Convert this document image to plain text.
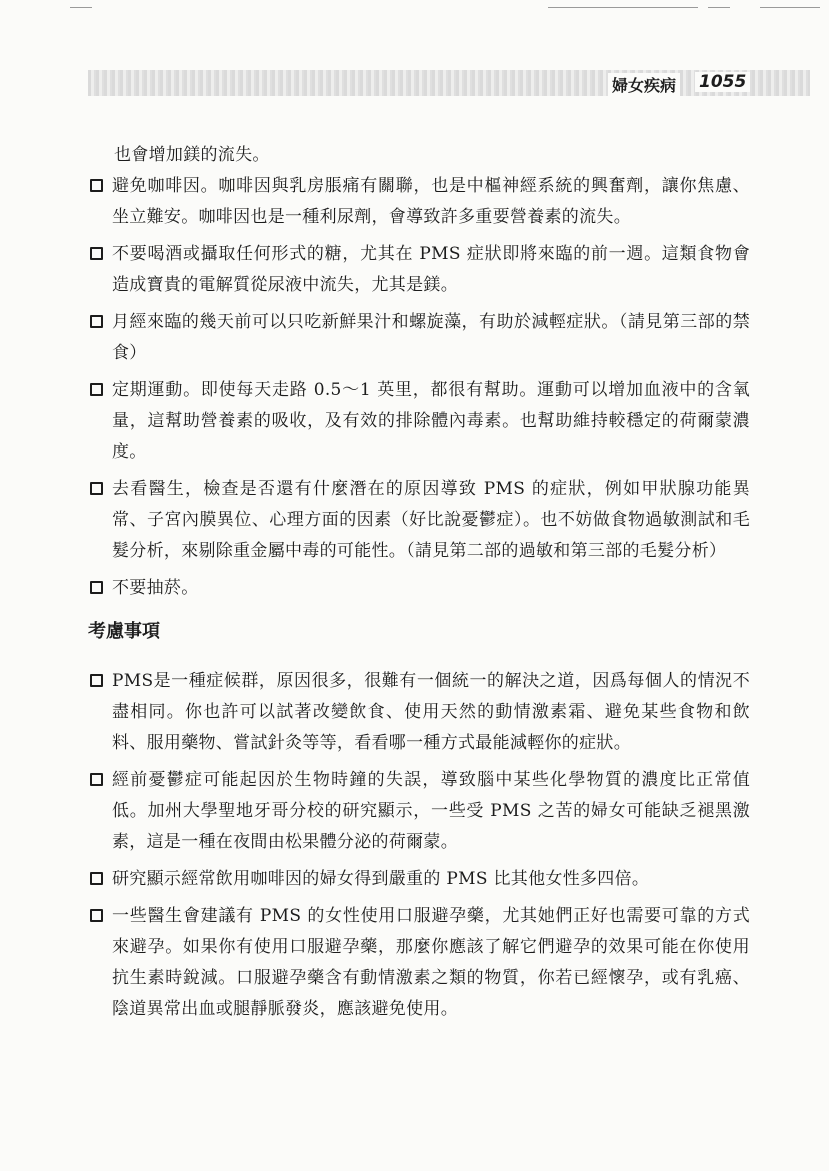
婦女疾病 1055
也會增加鎂的流失。
避免咖啡因。咖啡因與乳房脹痛有關聯，也是中樞神經系統的興奮劑，讓你焦慮、坐立難安。咖啡因也是一種利尿劑，會導致許多重要營養素的流失。
不要喝酒或攝取任何形式的糖，尤其在 PMS 症狀即將來臨的前一週。這類食物會造成寶貴的電解質從尿液中流失，尤其是鎂。
月經來臨的幾天前可以只吃新鮮果汁和螺旋藻，有助於減輕症狀。（請見第三部的禁食）
定期運動。即使每天走路 0.5～1 英里，都很有幫助。運動可以增加血液中的含氧量，這幫助營養素的吸收，及有效的排除體內毒素。也幫助維持較穩定的荷爾蒙濃度。
去看醫生，檢查是否還有什麼潛在的原因導致 PMS 的症狀，例如甲狀腺功能異常、子宮內膜異位、心理方面的因素（好比說憂鬱症）。也不妨做食物過敏測試和毛髮分析，來剔除重金屬中毒的可能性。（請見第二部的過敏和第三部的毛髮分析）
不要抽菸。
考慮事項
PMS是一種症候群，原因很多，很難有一個統一的解決之道，因爲每個人的情況不盡相同。你也許可以試著改變飲食、使用天然的動情激素霜、避免某些食物和飲料、服用藥物、嘗試針灸等等，看看哪一種方式最能減輕你的症狀。
經前憂鬱症可能起因於生物時鐘的失誤，導致腦中某些化學物質的濃度比正常值低。加州大學聖地牙哥分校的研究顯示，一些受 PMS 之苦的婦女可能缺乏褪黑激素，這是一種在夜間由松果體分泌的荷爾蒙。
研究顯示經常飲用咖啡因的婦女得到嚴重的 PMS 比其他女性多四倍。
一些醫生會建議有 PMS 的女性使用口服避孕藥，尤其她們正好也需要可靠的方式來避孕。如果你有使用口服避孕藥，那麼你應該了解它們避孕的效果可能在你使用抗生素時銳減。口服避孕藥含有動情激素之類的物質，你若已經懷孕，或有乳癌、陰道異常出血或腿靜脈發炎，應該避免使用。
